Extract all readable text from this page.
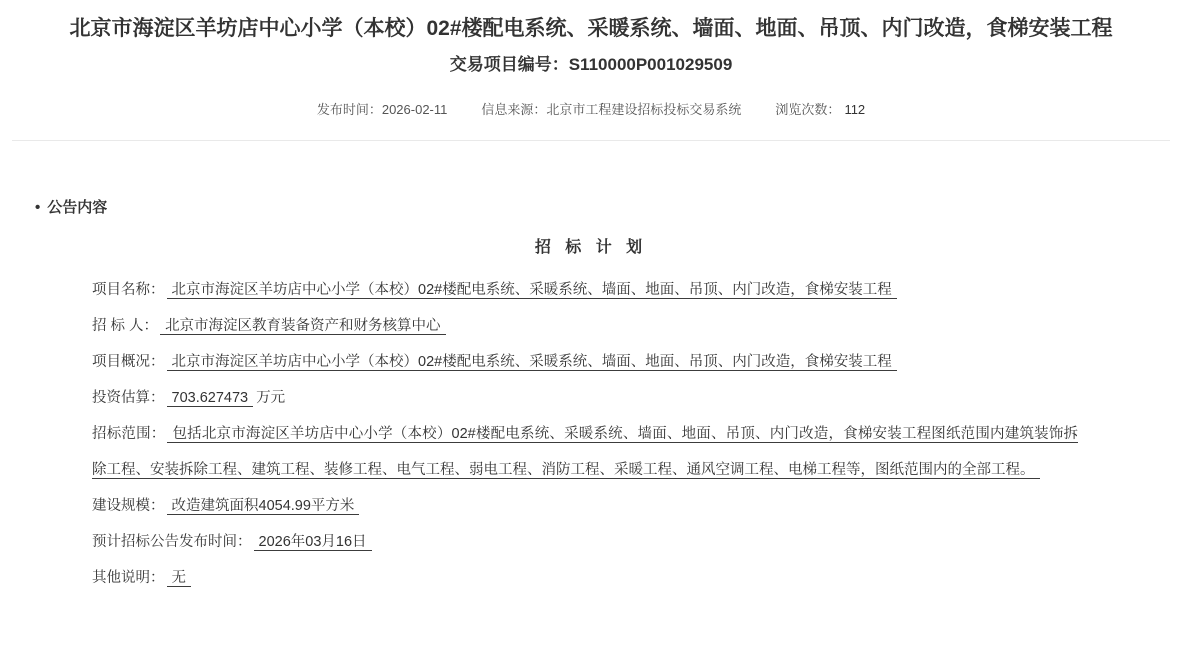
北京市海淀区羊坊店中心小学（本校）02#楼配电系统、采暖系统、墙面、地面、吊顶、内门改造，食梯安装工程
交易项目编号：S110000P001029509
发布时间：2026-02-11	信息来源：北京市工程建设招标投标交易系统	浏览次数： 112
• 公告内容
招 标 计 划

项目名称： 北京市海淀区羊坊店中心小学（本校）02#楼配电系统、采暖系统、墙面、地面、吊顶、内门改造，食梯安装工程

招 标 人： 北京市海淀区教育装备资产和财务核算中心

项目概况： 北京市海淀区羊坊店中心小学（本校）02#楼配电系统、采暖系统、墙面、地面、吊顶、内门改造，食梯安装工程

投资估算： 703.627473 万元

招标范围： 包括北京市海淀区羊坊店中心小学（本校）02#楼配电系统、采暖系统、墙面、地面、吊顶、内门改造，食梯安装工程图纸范围内建筑装饰拆除工程、安装拆除工程、建筑工程、装修工程、电气工程、弱电工程、消防工程、采暖工程、通风空调工程、电梯工程等，图纸范围内的全部工程。

建设规模： 改造建筑面积4054.99平方米

预计招标公告发布时间： 2026年03月16日

其他说明： 无
